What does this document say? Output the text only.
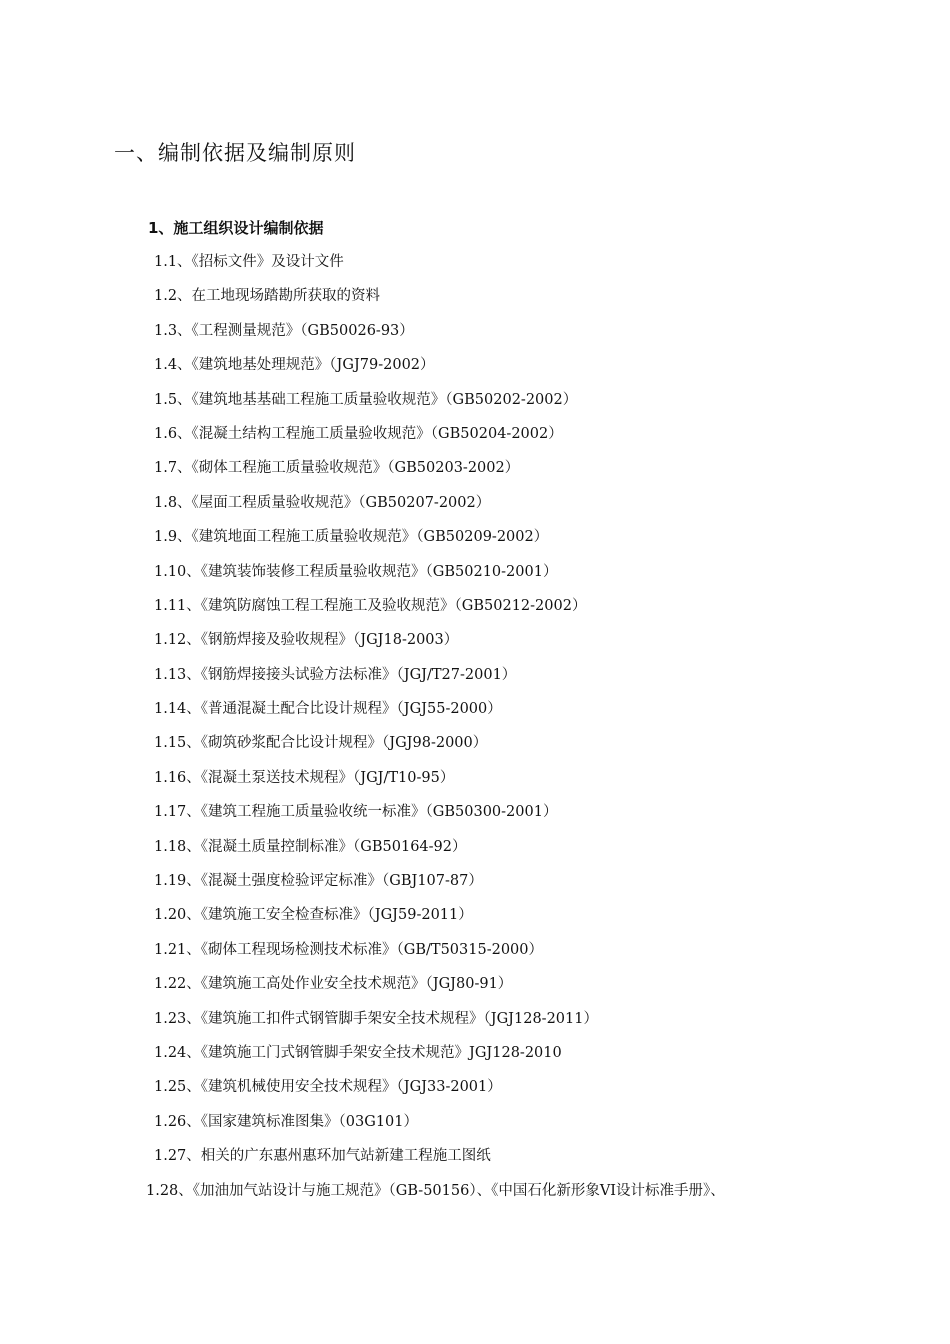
一、编制依据及编制原则
1、施工组织设计编制依据
1.1、《招标文件》及设计文件
1.2、在工地现场踏勘所获取的资料
1.3、《工程测量规范》（GB50026-93）
1.4、《建筑地基处理规范》（JGJ79-2002）
1.5、《建筑地基基础工程施工质量验收规范》（GB50202-2002）
1.6、《混凝土结构工程施工质量验收规范》（GB50204-2002）
1.7、《砌体工程施工质量验收规范》（GB50203-2002）
1.8、《屋面工程质量验收规范》（GB50207-2002）
1.9、《建筑地面工程施工质量验收规范》（GB50209-2002）
1.10、《建筑装饰装修工程质量验收规范》（GB50210-2001）
1.11、《建筑防腐蚀工程工程施工及验收规范》（GB50212-2002）
1.12、《钢筋焊接及验收规程》（JGJ18-2003）
1.13、《钢筋焊接接头试验方法标准》（JGJ/T27-2001）
1.14、《普通混凝土配合比设计规程》（JGJ55-2000）
1.15、《砌筑砂浆配合比设计规程》（JGJ98-2000）
1.16、《混凝土泵送技术规程》（JGJ/T10-95）
1.17、《建筑工程施工质量验收统一标准》（GB50300-2001）
1.18、《混凝土质量控制标准》（GB50164-92）
1.19、《混凝土强度检验评定标准》（GBJ107-87）
1.20、《建筑施工安全检查标准》（JGJ59-2011）
1.21、《砌体工程现场检测技术标准》（GB/T50315-2000）
1.22、《建筑施工高处作业安全技术规范》（JGJ80-91）
1.23、《建筑施工扣件式钢管脚手架安全技术规程》（JGJ128-2011）
1.24、《建筑施工门式钢管脚手架安全技术规范》JGJ128-2010
1.25、《建筑机械使用安全技术规程》（JGJ33-2001）
1.26、《国家建筑标准图集》（03G101）
1.27、相关的广东惠州惠环加气站新建工程施工图纸
1.28、《加油加气站设计与施工规范》（GB-50156）、《中国石化新形象VI设计标准手册》、
